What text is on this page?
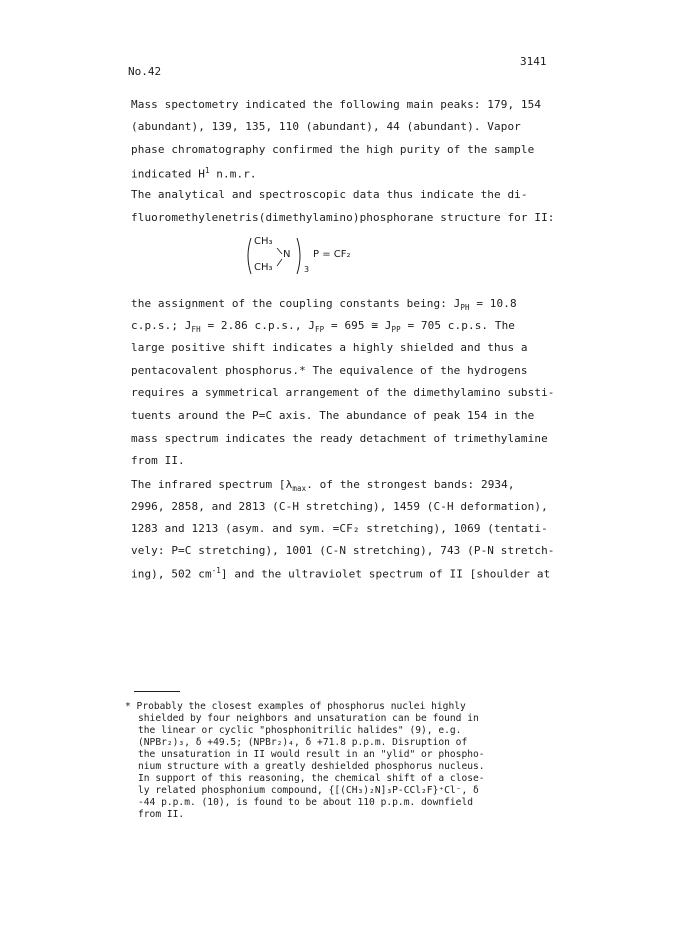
No.42
3141
Mass spectometry indicated the following main peaks: 179, 154
(abundant), 139, 135, 110 (abundant), 44 (abundant). Vapor
phase chromatography confirmed the high purity of the sample
indicated $H^1$ n.m.r.
The analytical and spectroscopic data thus indicate the di-
fluoromethylenetris(dimethylamino)phosphorane structure for II:
the assignment of the coupling constants being: $J_{PH} = 10.8$
c.p.s.; $J_{FH} = 2.86$ c.p.s., $J_{FP} = 695$ ≅ $J_{PP} = 705$ c.p.s. The
large positive shift indicates a highly shielded and thus a
pentacovalent phosphorus.* The equivalence of the hydrogens
requires a symmetrical arrangement of the dimethylamino substi-
tuents around the P=C axis. The abundance of peak 154 in the
mass spectrum indicates the ready detachment of trimethylamine
from II.
The infrared spectrum [$\lambda_{max}$. of the strongest bands: 2934,
2996, 2858, and 2813 (C-H stretching), 1459 (C-H deformation),
1283 and 1213 (asym. and sym. =CF₂ stretching), 1069 (tentati-
vely: P=C stretching), 1001 (C-N stretching), 743 (P-N stretch-
ing), 502 $cm^{-1}$] and the ultraviolet spectrum of II [shoulder at
CH₃
N
CH₃	3
P = CF₂
* Probably the closest examples of phosphorus nuclei highly
shielded by four neighbors and unsaturation can be found in
the linear or cyclic "phosphonitrilic halides" (9), e.g.
(NPBr₂)₃, δ +49.5; (NPBr₂)₄, δ +71.8 p.p.m. Disruption of
the unsaturation in II would result in an "ylid" or phospho-
nium structure with a greatly deshielded phosphorus nucleus.
In support of this reasoning, the chemical shift of a close-
ly related phosphonium compound, {[(CH₃)₂N]₃P-CCl₂F}⁺Cl⁻, δ
-44 p.p.m. (10), is found to be about 110 p.p.m. downfield
from II.
